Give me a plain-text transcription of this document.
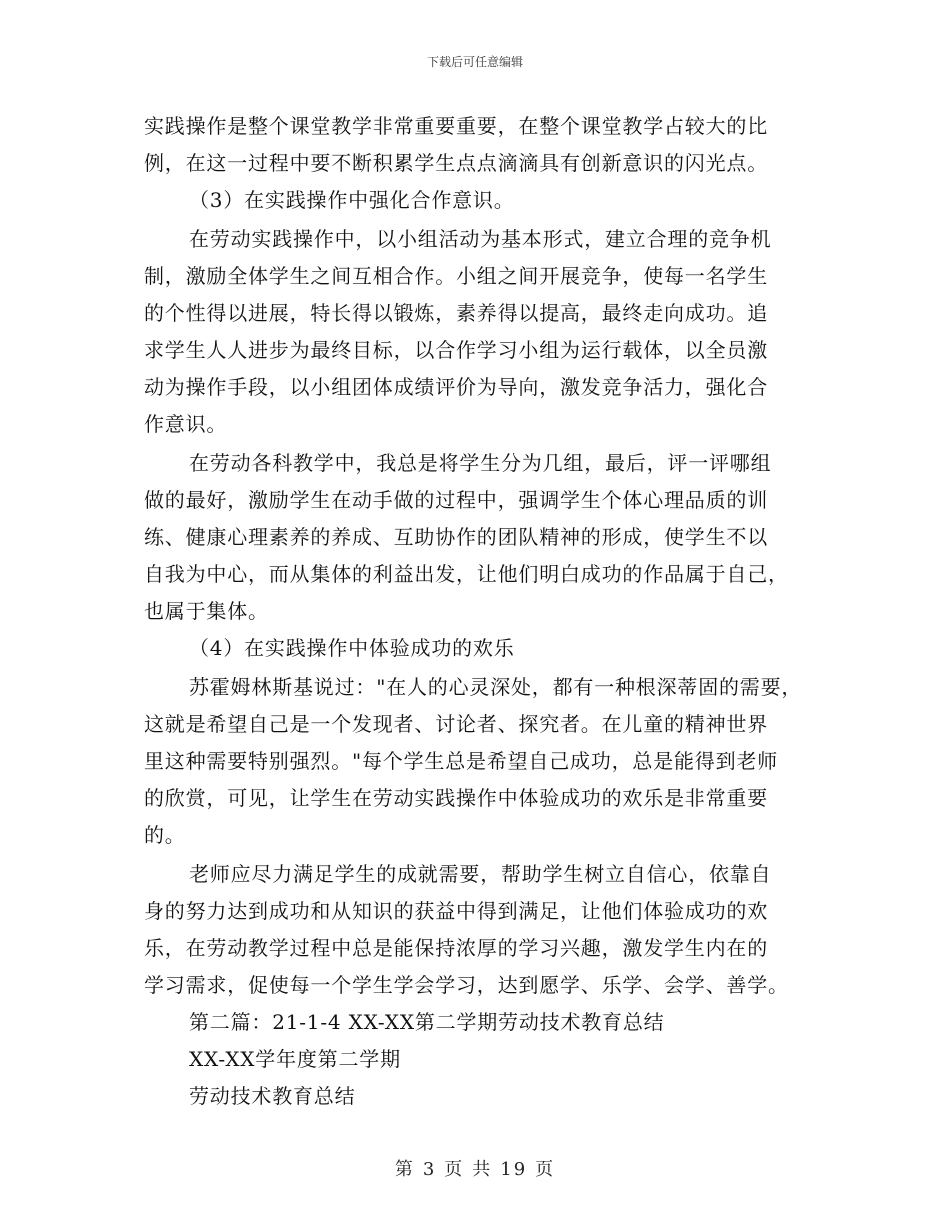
下载后可任意编辑
实践操作是整个课堂教学非常重要重要，在整个课堂教学占较大的比
例，在这一过程中要不断积累学生点点滴滴具有创新意识的闪光点。
（3）在实践操作中强化合作意识。
在劳动实践操作中，以小组活动为基本形式，建立合理的竞争机
制，激励全体学生之间互相合作。小组之间开展竞争，使每一名学生
的个性得以进展，特长得以锻炼，素养得以提高，最终走向成功。追
求学生人人进步为最终目标，以合作学习小组为运行载体，以全员激
动为操作手段，以小组团体成绩评价为导向，激发竞争活力，强化合
作意识。
在劳动各科教学中，我总是将学生分为几组，最后，评一评哪组
做的最好，激励学生在动手做的过程中，强调学生个体心理品质的训
练、健康心理素养的养成、互助协作的团队精神的形成，使学生不以
自我为中心，而从集体的利益出发，让他们明白成功的作品属于自己，
也属于集体。
（4）在实践操作中体验成功的欢乐
苏霍姆林斯基说过："在人的心灵深处，都有一种根深蒂固的需要，
这就是希望自己是一个发现者、讨论者、探究者。在儿童的精神世界
里这种需要特别强烈。"每个学生总是希望自己成功，总是能得到老师
的欣赏，可见，让学生在劳动实践操作中体验成功的欢乐是非常重要
的。
老师应尽力满足学生的成就需要，帮助学生树立自信心，依靠自
身的努力达到成功和从知识的获益中得到满足，让他们体验成功的欢
乐，在劳动教学过程中总是能保持浓厚的学习兴趣，激发学生内在的
学习需求，促使每一个学生学会学习，达到愿学、乐学、会学、善学。
第二篇：21-1-4 XX-XX第二学期劳动技术教育总结
XX-XX学年度第二学期
劳动技术教育总结
第 3 页 共 19 页
